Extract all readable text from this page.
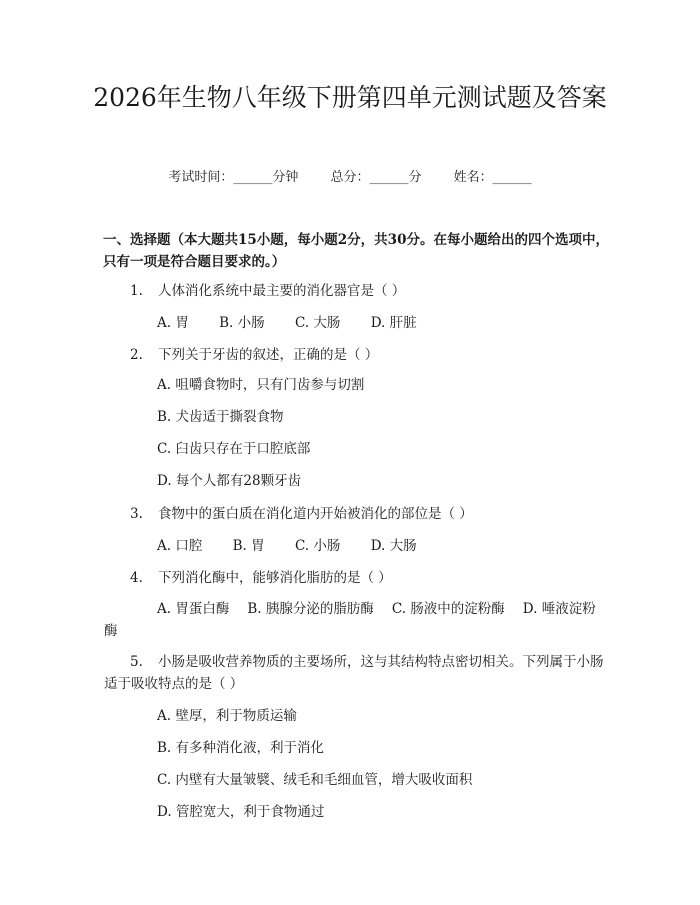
2026年生物八年级下册第四单元测试题及答案
考试时间：______分钟 总分：______分 姓名：______
一、选择题（本大题共15小题，每小题2分，共30分。在每小题给出的四个选项中，只有一项是符合题目要求的。）
1. 人体消化系统中最主要的消化器官是（ ）
A. 胃 B. 小肠 C. 大肠 D. 肝脏
2. 下列关于牙齿的叙述，正确的是（ ）
A. 咀嚼食物时，只有门齿参与切割
B. 犬齿适于撕裂食物
C. 臼齿只存在于口腔底部
D. 每个人都有28颗牙齿
3. 食物中的蛋白质在消化道内开始被消化的部位是（ ）
A. 口腔 B. 胃 C. 小肠 D. 大肠
4. 下列消化酶中，能够消化脂肪的是（ ）
A. 胃蛋白酶 B. 胰腺分泌的脂肪酶 C. 肠液中的淀粉酶 D. 唾液淀粉酶
5. 小肠是吸收营养物质的主要场所，这与其结构特点密切相关。下列属于小肠适于吸收特点的是（ ）
A. 壁厚，利于物质运输
B. 有多种消化液，利于消化
C. 内壁有大量皱襞、绒毛和毛细血管，增大吸收面积
D. 管腔宽大，利于食物通过
